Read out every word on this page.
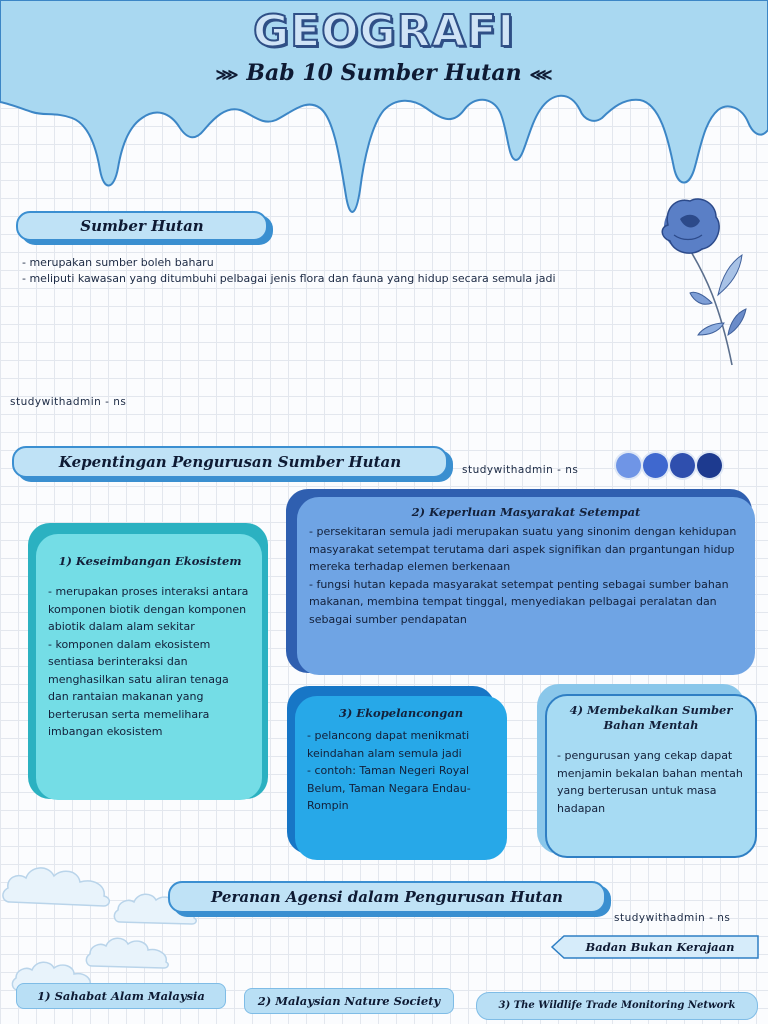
GEOGRAFI
⋙ Bab 10 Sumber Hutan ⋘
Sumber Hutan
- merupakan sumber boleh baharu
- meliputi kawasan yang ditumbuhi pelbagai jenis flora dan fauna yang hidup secara semula jadi
studywithadmin - ns
Kepentingan Pengurusan Sumber Hutan	studywithadmin - ns
1) Keseimbangan Ekosistem
- merupakan proses interaksi antara komponen biotik dengan komponen abiotik dalam alam sekitar
- komponen dalam ekosistem sentiasa berinteraksi dan menghasilkan satu aliran tenaga dan rantaian makanan yang berterusan serta memelihara imbangan ekosistem
2) Keperluan Masyarakat Setempat
- persekitaran semula jadi merupakan suatu yang sinonim dengan kehidupan masyarakat setempat terutama dari aspek signifikan dan prgantungan hidup mereka terhadap elemen berkenaan
- fungsi hutan kepada masyarakat setempat penting sebagai sumber bahan makanan, membina tempat tinggal, menyediakan pelbagai peralatan dan sebagai sumber pendapatan
3) Ekopelancongan
- pelancong dapat menikmati keindahan alam semula jadi
- contoh: Taman Negeri Royal Belum, Taman Negara Endau-Rompin
4) Membekalkan Sumber Bahan Mentah
- pengurusan yang cekap dapat menjamin bekalan bahan mentah yang berterusan untuk masa hadapan
Peranan Agensi dalam Pengurusan Hutan
studywithadmin - ns
Badan Bukan Kerajaan
1) Sahabat Alam Malaysia	2) Malaysian Nature Society	3) The Wildlife Trade Monitoring Network
